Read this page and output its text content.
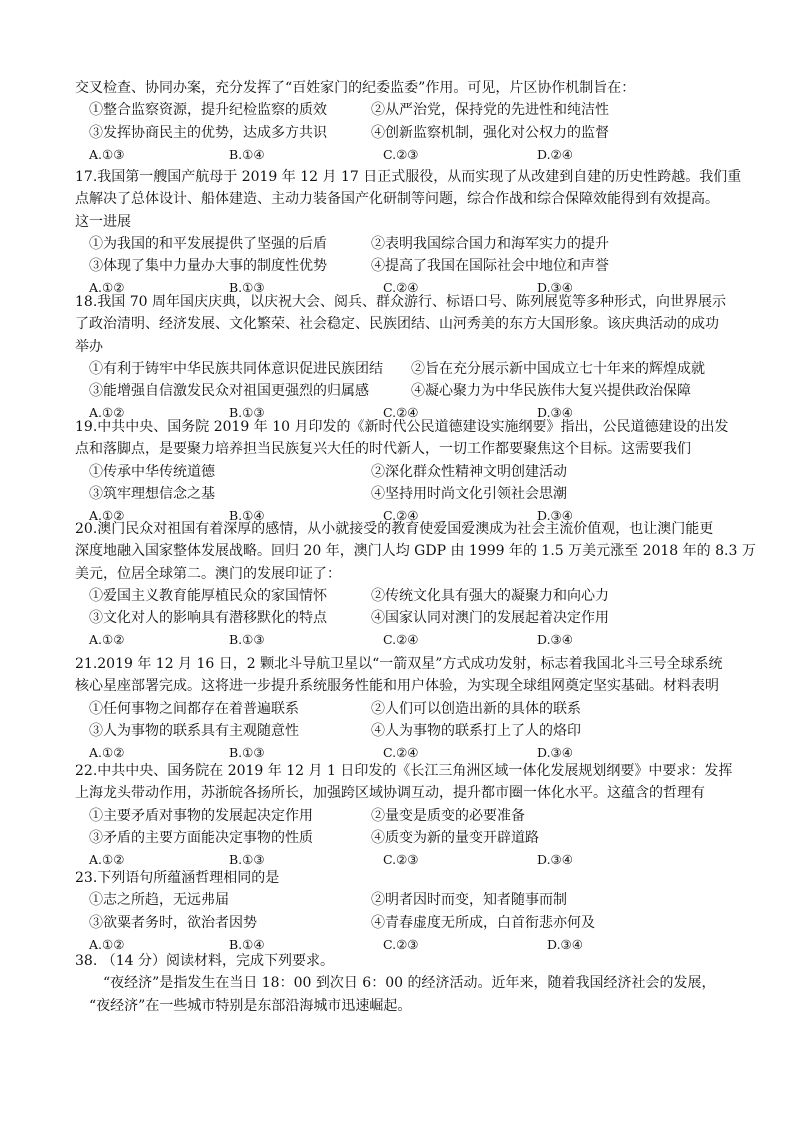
交叉检查、协同办案，充分发挥了“百姓家门的纪委监委”作用。可见，片区协作机制旨在：
①整合监察资源，提升纪检监察的质效	②从严治党，保持党的先进性和纯洁性
③发挥协商民主的优势，达成多方共识	④创新监察机制，强化对公权力的监督
A.①③	B.①④	C.②③	D.②④
17.我国第一艘国产航母于 2019 年 12 月 17 日正式服役，从而实现了从改建到自建的历史性跨越。我们重
点解决了总体设计、船体建造、主动力装备国产化研制等问题，综合作战和综合保障效能得到有效提高。
这一进展
①为我国的和平发展提供了坚强的后盾	②表明我国综合国力和海军实力的提升
③体现了集中力量办大事的制度性优势	④提高了我国在国际社会中地位和声誉
A.①②	B.①③	C.②④	D.③④
18.我国 70 周年国庆庆典，以庆祝大会、阅兵、群众游行、标语口号、陈列展览等多种形式，向世界展示
了政治清明、经济发展、文化繁荣、社会稳定、民族团结、山河秀美的东方大国形象。该庆典活动的成功
举办
①有利于铸牢中华民族共同体意识促进民族团结	②旨在充分展示新中国成立七十年来的辉煌成就
③能增强自信激发民众对祖国更强烈的归属感	④凝心聚力为中华民族伟大复兴提供政治保障
A.①②	B.①③	C.②④	D.③④
19.中共中央、国务院 2019 年 10 月印发的《新时代公民道德建设实施纲要》指出，公民道德建设的出发
点和落脚点，是要聚力培养担当民族复兴大任的时代新人，一切工作都要聚焦这个目标。这需要我们
①传承中华传统道德	②深化群众性精神文明创建活动
③筑牢理想信念之基	④坚持用时尚文化引领社会思潮
A.①②	B.①④	C.②④	D.③④
20.澳门民众对祖国有着深厚的感情，从小就接受的教育使爱国爱澳成为社会主流价值观，也让澳门能更
深度地融入国家整体发展战略。回归 20 年，澳门人均 GDP 由 1999 年的 1.5 万美元涨至 2018 年的 8.3 万
美元，位居全球第二。澳门的发展印证了：
①爱国主义教育能厚植民众的家国情怀	②传统文化具有强大的凝聚力和向心力
③文化对人的影响具有潜移默化的特点	④国家认同对澳门的发展起着决定作用
A.①②	B.①③	C.②④	D.③④
21.2019 年 12 月 16 日，2 颗北斗导航卫星以“一箭双星”方式成功发射，标志着我国北斗三号全球系统
核心星座部署完成。这将进一步提升系统服务性能和用户体验，为实现全球组网奠定坚实基础。材料表明
①任何事物之间都存在着普遍联系	②人们可以创造出新的具体的联系
③人为事物的联系具有主观随意性	④人为事物的联系打上了人的烙印
A.①②	B.①③	C.②④	D.③④
22.中共中央、国务院在 2019 年 12 月 1 日印发的《长江三角洲区域一体化发展规划纲要》中要求：发挥
上海龙头带动作用，苏浙皖各扬所长，加强跨区域协调互动，提升都市圈一体化水平。这蕴含的哲理有
①主要矛盾对事物的发展起决定作用	②量变是质变的必要准备
③矛盾的主要方面能决定事物的性质	④质变为新的量变开辟道路
A.①②	B.①③	C.②③	D.③④
23.下列语句所蕴涵哲理相同的是
①志之所趋，无远弗届	②明者因时而变，知者随事而制
③欲粟者务时，欲治者因势	④青春虚度无所成，白首衔悲亦何及
A.①②	B.①④	C.②③	D.③④
38. （14 分）阅读材料，完成下列要求。
“夜经济”是指发生在当日 18：00 到次日 6：00 的经济活动。近年来，随着我国经济社会的发展，
“夜经济”在一些城市特别是东部沿海城市迅速崛起。
